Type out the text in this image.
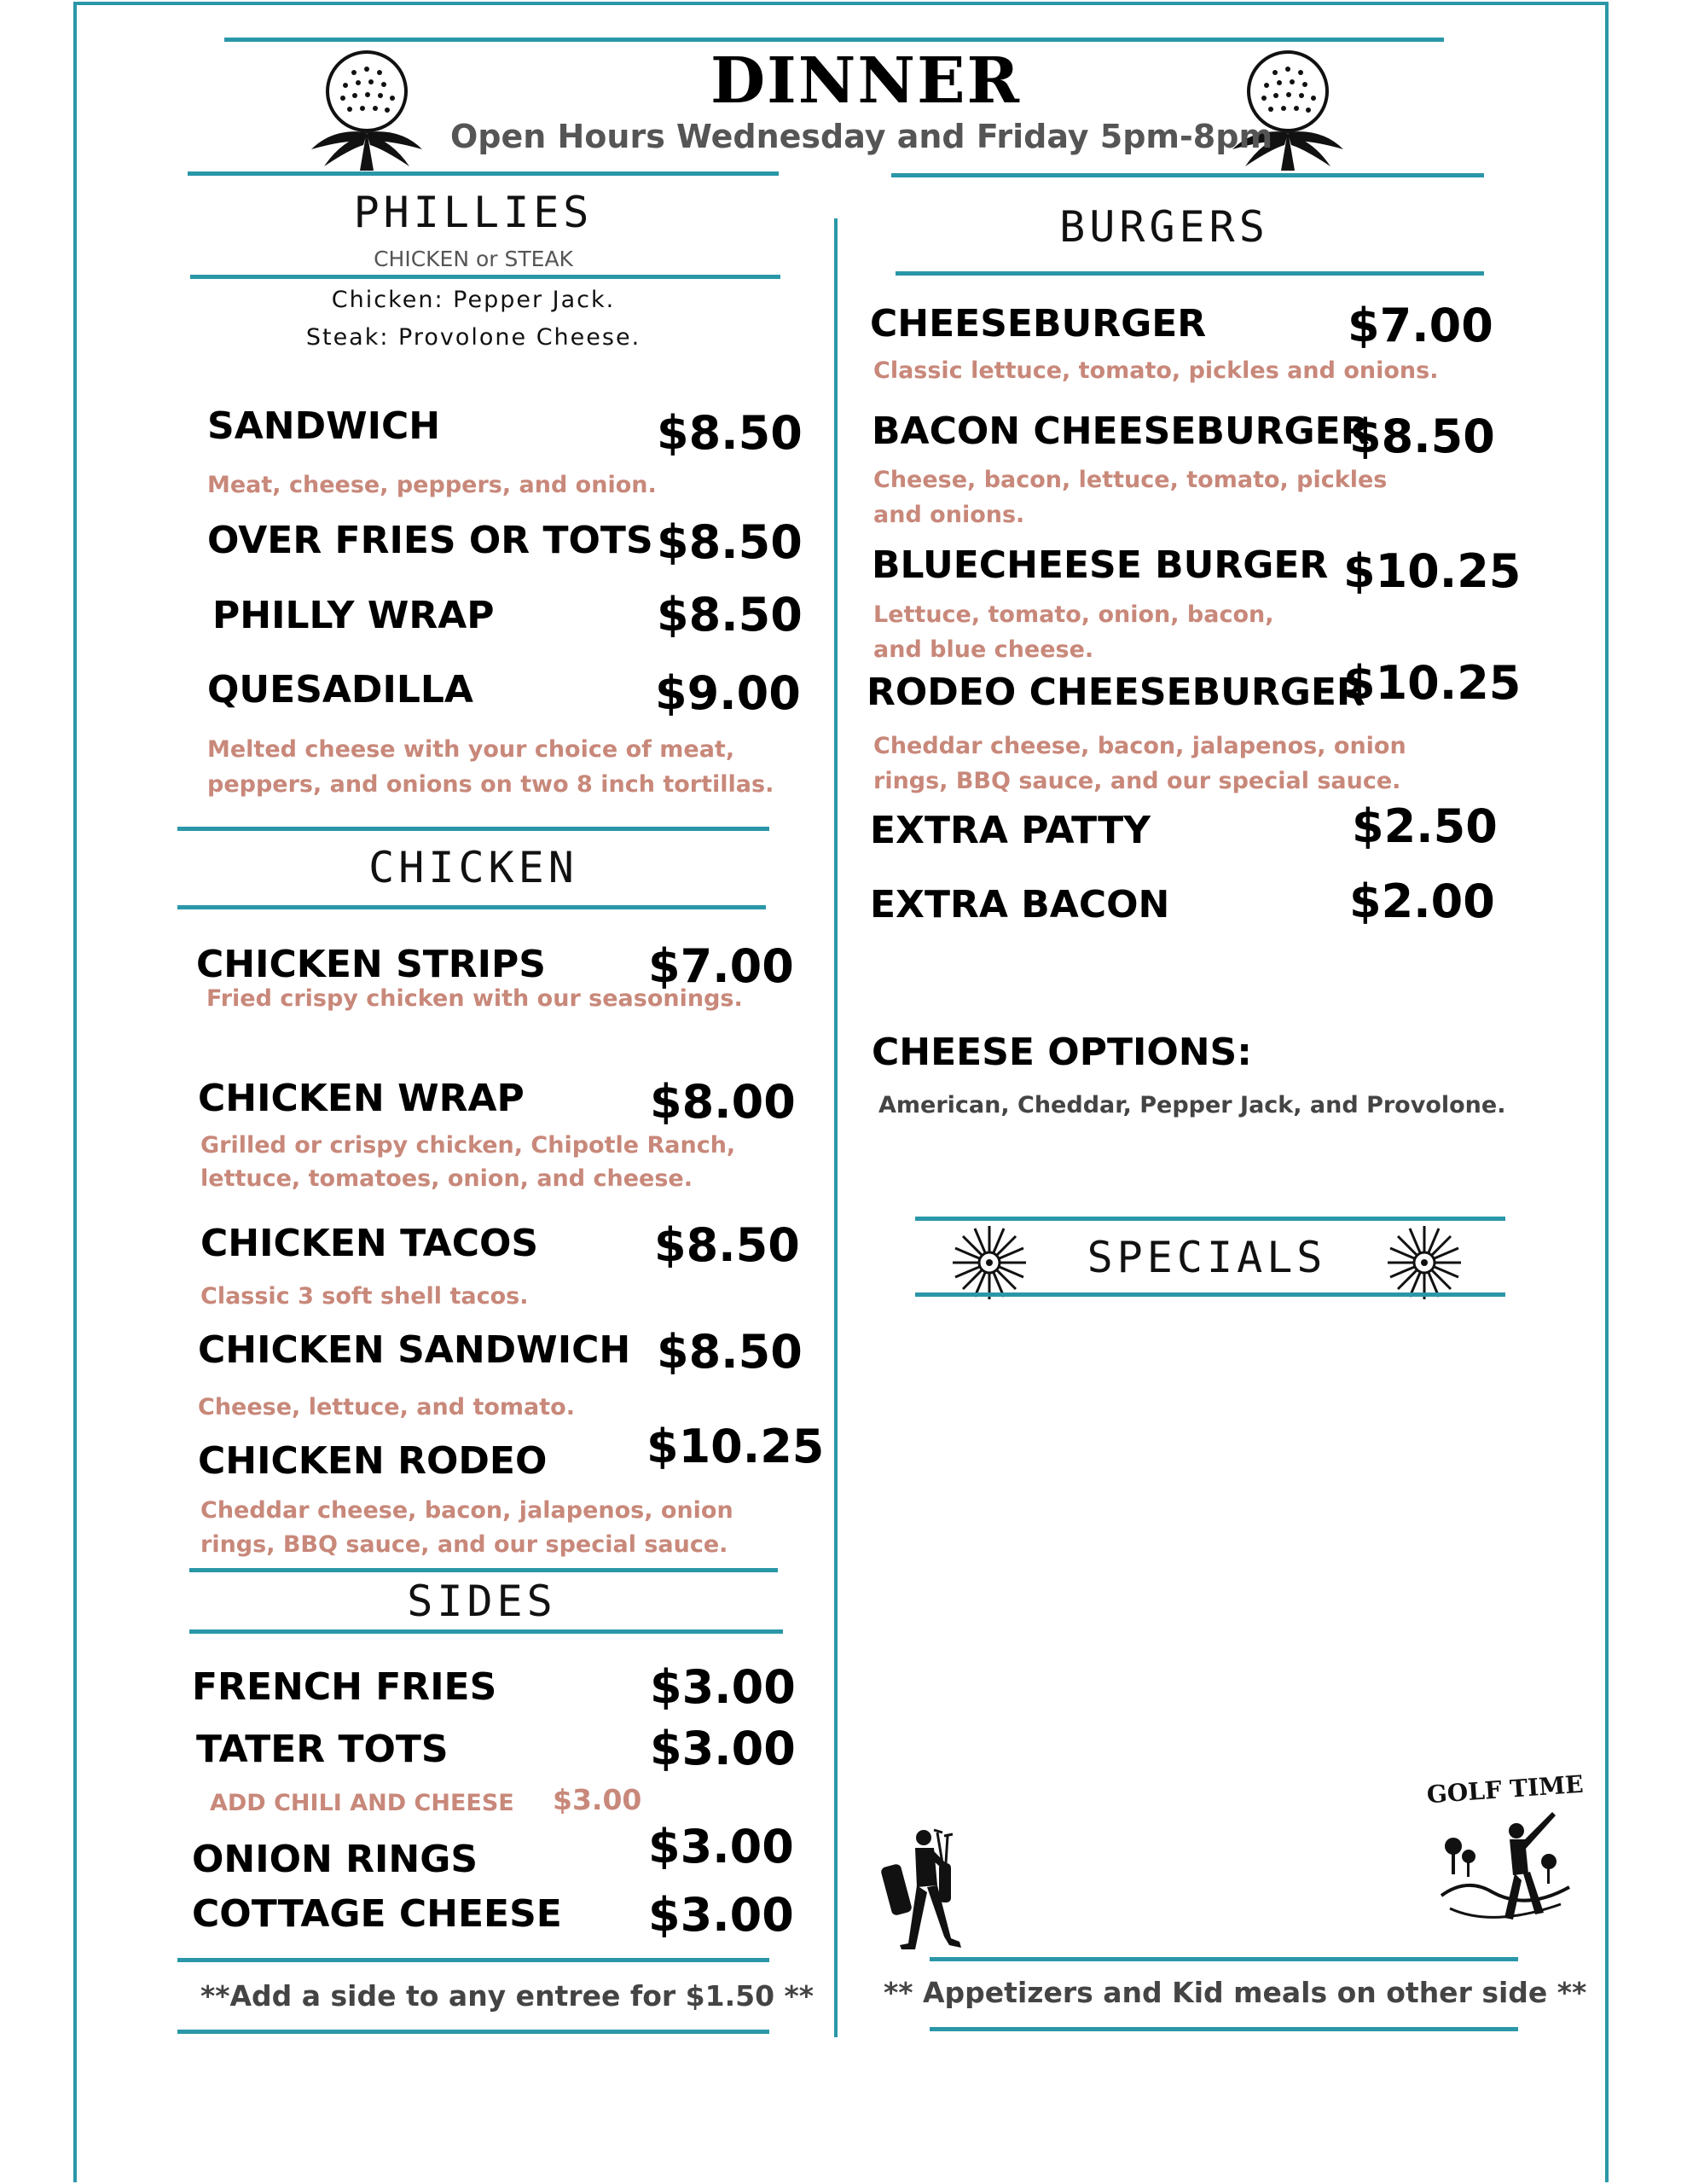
DINNER
Open Hours Wednesday and Friday 5pm-8pm
PHILLIES
CHICKEN or STEAK
Chicken: Pepper Jack.
Steak: Provolone Cheese.
SANDWICH	$8.50
Meat, cheese, peppers, and onion.
OVER FRIES OR TOTS $8.50
PHILLY WRAP	$8.50
QUESADILLA	$9.00
Melted cheese with your choice of meat,
peppers, and onions on two 8 inch tortillas.
CHICKEN
CHICKEN STRIPS $7.00
Fried crispy chicken with our seasonings.
CHICKEN WRAP	$8.00
Grilled or crispy chicken, Chipotle Ranch,
lettuce, tomatoes, onion, and cheese.
CHICKEN TACOS	$8.50
Classic 3 soft shell tacos.
CHICKEN SANDWICH $8.50
Cheese, lettuce, and tomato.
CHICKEN RODEO $10.25
Cheddar cheese, bacon, jalapenos, onion
rings, BBQ sauce, and our special sauce.
SIDES
FRENCH FRIES	$3.00
TATER TOTS	$3.00
ADD CHILI AND CHEESE $3.00
ONION RINGS	$3.00
COTTAGE CHEESE $3.00
**Add a side to any entree for $1.50 **
BURGERS
CHEESEBURGER	$7.00
Classic lettuce, tomato, pickles and onions.
BACON CHEESEBURGER
$8.50
Cheese, bacon, lettuce, tomato, pickles
and onions.
BLUECHEESE BURGER $10.25
Lettuce, tomato, onion, bacon,
and blue cheese.
RODEO CHEESEBURGER
$10.25
Cheddar cheese, bacon, jalapenos, onion
rings, BBQ sauce, and our special sauce.
EXTRA PATTY	$2.50
EXTRA BACON	$2.00
CHEESE OPTIONS:
American, Cheddar, Pepper Jack, and Provolone.
SPECIALS
GOLF TIME
** Appetizers and Kid meals on other side **
